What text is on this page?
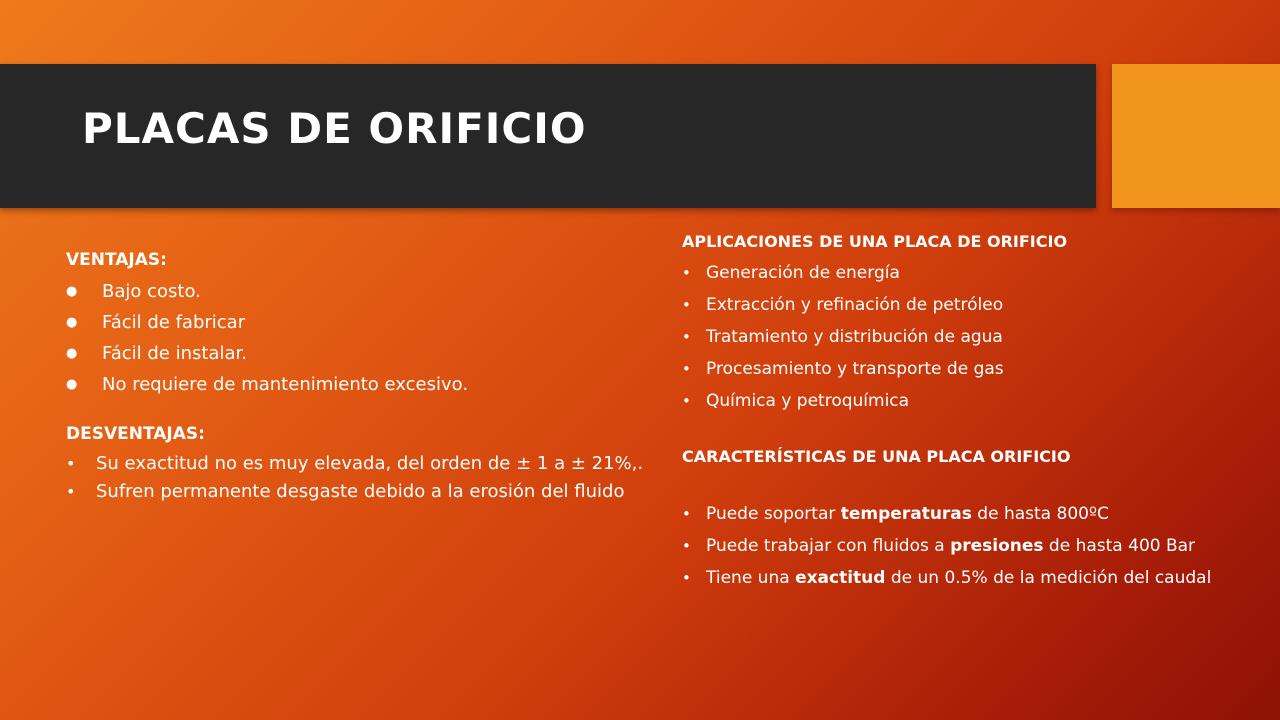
PLACAS DE ORIFICIO

VENTAJAS:

● Bajo costo.
● Fácil de fabricar
● Fácil de instalar.
● No requiere de mantenimiento excesivo.

DESVENTAJAS:

• Su exactitud no es muy elevada, del orden de ± 1 a ± 21%,.
• Sufren permanente desgaste debido a la erosión del fluido

APLICACIONES DE UNA PLACA DE ORIFICIO

• Generación de energía
• Extracción y refinación de petróleo
• Tratamiento y distribución de agua
• Procesamiento y transporte de gas
• Química y petroquímica

CARACTERÍSTICAS DE UNA PLACA ORIFICIO

• Puede soportar temperaturas de hasta 800ºC
• Puede trabajar con fluidos a presiones de hasta 400 Bar
• Tiene una exactitud de un 0.5% de la medición del caudal
